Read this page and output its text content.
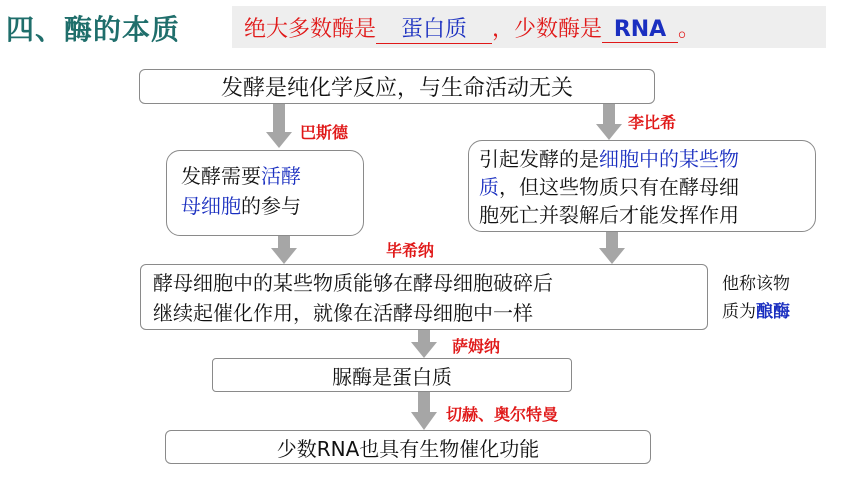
四、酶的本质	绝大多数酶是	蛋白质	，少数酶是 RNA 。
发酵是纯化学反应，与生命活动无关
发酵需要活酵
母细胞的参与
引起发酵的是细胞中的某些物
质，但这些物质只有在酵母细
胞死亡并裂解后才能发挥作用
酵母细胞中的某些物质能够在酵母细胞破碎后
继续起催化作用，就像在活酵母细胞中一样
脲酶是蛋白质
少数RNA也具有生物催化功能
巴斯德
李比希
毕希纳
萨姆纳
切赫、奥尔特曼
他称该物
质为酿酶
